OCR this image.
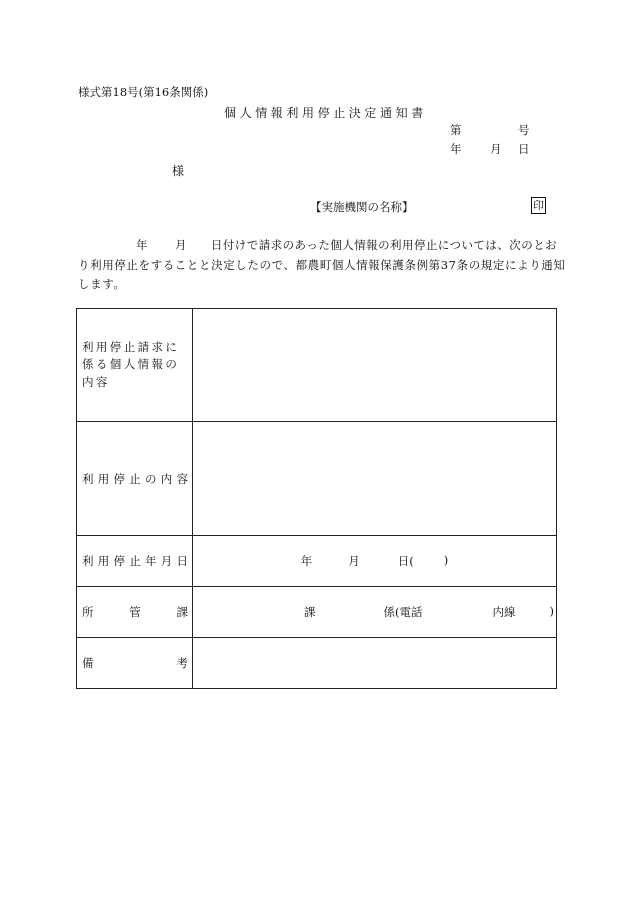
様式第18号(第16条関係)
個人情報利用停止決定通知書
第	号
年	月	日
様
【実施機関の名称】	印
年 月 日付けで請求のあった個人情報の利用停止については、次のとお
り利用停止をすることと決定したので、都農町個人情報保護条例第37条の規定により通知
します。
利用停止請求に係る個人情報の内容	

利用停止の内容	

利用停止年月日	年 月 日( )

所　管　課	課 係(電話 内線 )

備　　　考	
